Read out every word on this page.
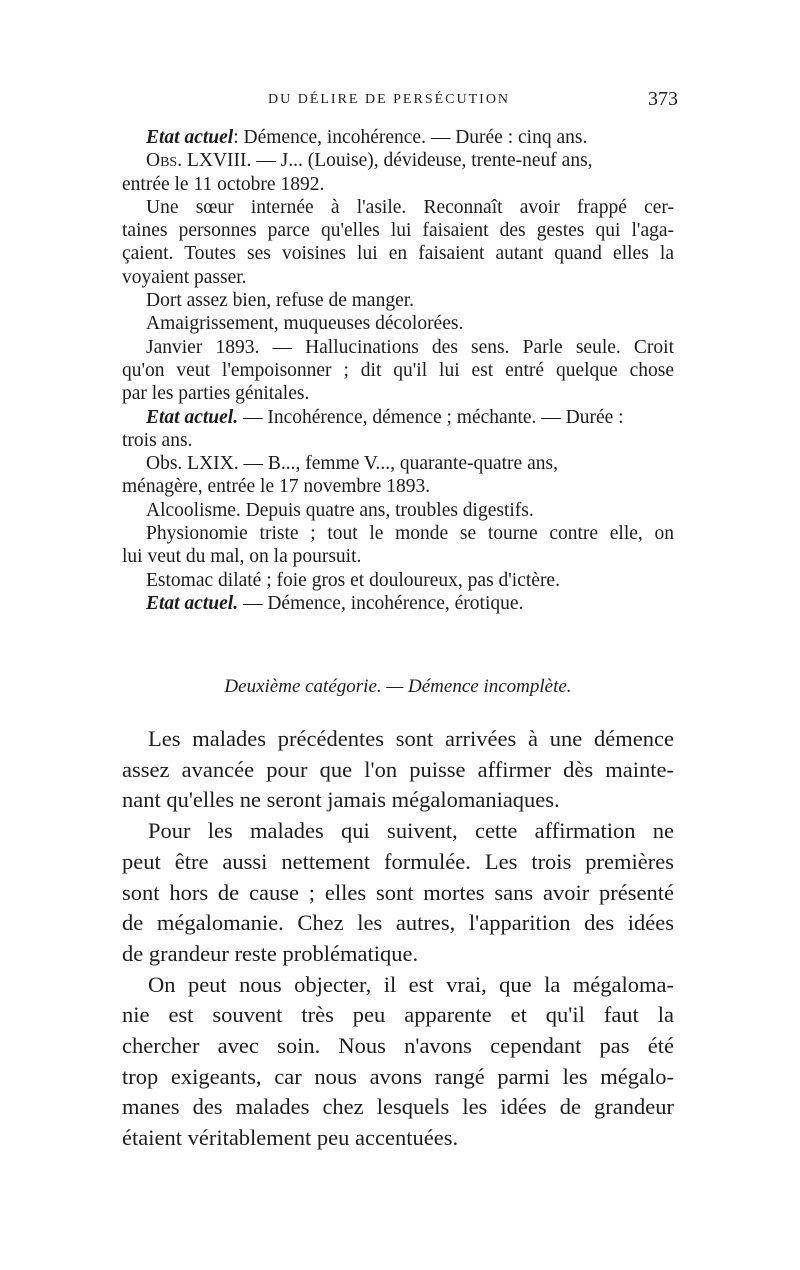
DU DÉLIRE DE PERSÉCUTION	373

Etat actuel: Démence, incohérence. — Durée : cinq ans.

Obs. LXVIII. — J... (Louise), dévideuse, trente-neuf ans,

entrée le 11 octobre 1892.

Une sœur internée à l'asile. Reconnaît avoir frappé cer-

taines personnes parce qu'elles lui faisaient des gestes qui l'aga-

çaient. Toutes ses voisines lui en faisaient autant quand elles la

voyaient passer.

Dort assez bien, refuse de manger.

Amaigrissement, muqueuses décolorées.

Janvier 1893. — Hallucinations des sens. Parle seule. Croit

qu'on veut l'empoisonner ; dit qu'il lui est entré quelque chose

par les parties génitales.

Etat actuel. — Incohérence, démence ; méchante. — Durée :

trois ans.

Obs. LXIX. — B..., femme V..., quarante-quatre ans,

ménagère, entrée le 17 novembre 1893.

Alcoolisme. Depuis quatre ans, troubles digestifs.

Physionomie triste ; tout le monde se tourne contre elle, on

lui veut du mal, on la poursuit.

Estomac dilaté ; foie gros et douloureux, pas d'ictère.

Etat actuel. — Démence, incohérence, érotique.

Deuxième catégorie. — Démence incomplète.

Les malades précédentes sont arrivées à une démence

assez avancée pour que l'on puisse affirmer dès mainte-

nant qu'elles ne seront jamais mégalomaniaques.

Pour les malades qui suivent, cette affirmation ne

peut être aussi nettement formulée. Les trois premières

sont hors de cause ; elles sont mortes sans avoir présenté

de mégalomanie. Chez les autres, l'apparition des idées

de grandeur reste problématique.

On peut nous objecter, il est vrai, que la mégaloma-

nie est souvent très peu apparente et qu'il faut la

chercher avec soin. Nous n'avons cependant pas été

trop exigeants, car nous avons rangé parmi les mégalo-

manes des malades chez lesquels les idées de grandeur

étaient véritablement peu accentuées.
